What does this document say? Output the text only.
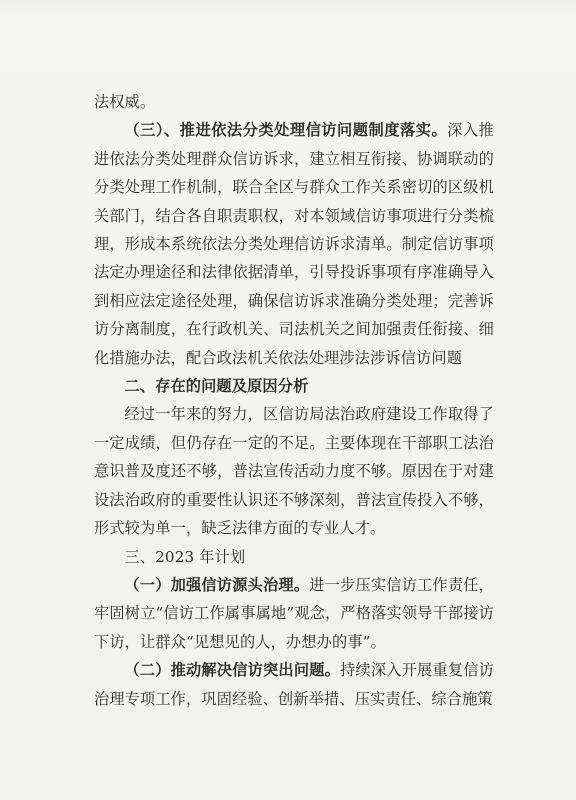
法权威。

（三）、推进依法分类处理信访问题制度落实。深入推进依法分类处理群众信访诉求，建立相互衔接、协调联动的分类处理工作机制，联合全区与群众工作关系密切的区级机关部门，结合各自职责职权，对本领域信访事项进行分类梳理，形成本系统依法分类处理信访诉求清单。制定信访事项法定办理途径和法律依据清单，引导投诉事项有序准确导入到相应法定途径处理，确保信访诉求准确分类处理；完善诉访分离制度，在行政机关、司法机关之间加强责任衔接、细化措施办法，配合政法机关依法处理涉法涉诉信访问题

二、存在的问题及原因分析

经过一年来的努力，区信访局法治政府建设工作取得了一定成绩，但仍存在一定的不足。主要体现在干部职工法治意识普及度还不够，普法宣传活动力度不够。原因在于对建设法治政府的重要性认识还不够深刻，普法宣传投入不够，形式较为单一，缺乏法律方面的专业人才。

三、2023 年计划

（一）加强信访源头治理。进一步压实信访工作责任，牢固树立“信访工作属事属地”观念，严格落实领导干部接访下访，让群众“见想见的人，办想办的事”。

（二）推动解决信访突出问题。持续深入开展重复信访治理专项工作，巩固经验、创新举措、压实责任、综合施策
